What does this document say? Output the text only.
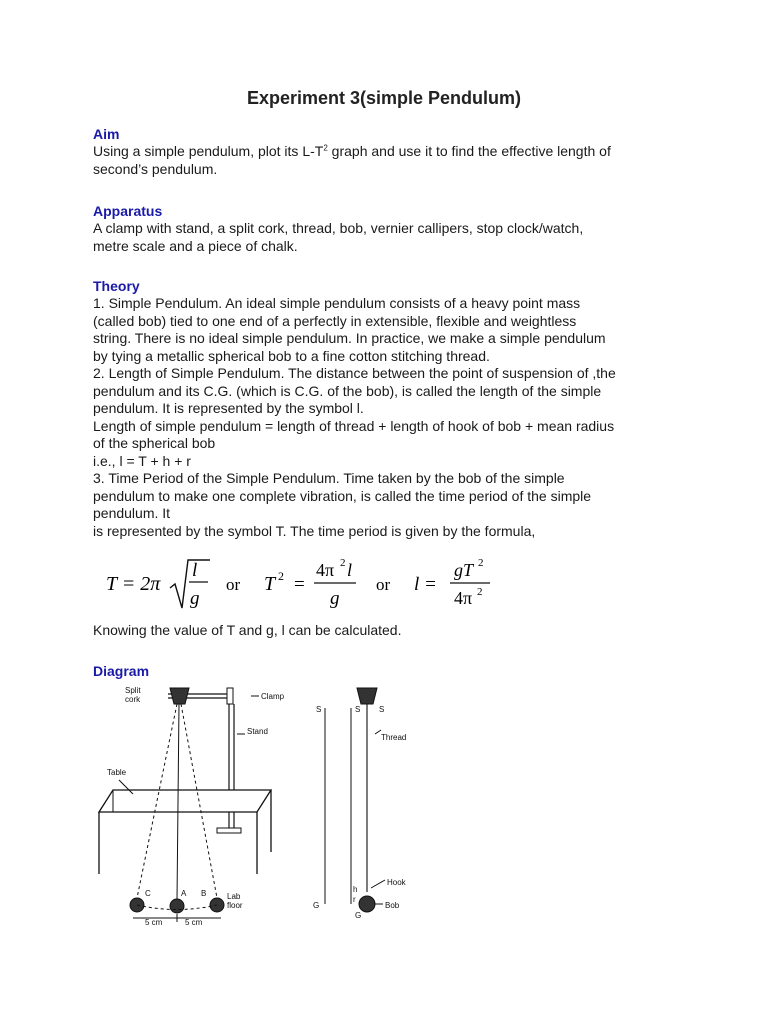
Experiment 3(simple Pendulum)
Aim
Using a simple pendulum, plot its $L-T^2$ graph and use it to find the effective length of
second’s pendulum.
Apparatus
A clamp with stand, a split cork, thread, bob, vernier callipers, stop clock/watch,
metre scale and a piece of chalk.
Theory
1. Simple Pendulum. An ideal simple pendulum consists of a heavy point mass
(called bob) tied to one end of a perfectly in extensible, flexible and weightless
string. There is no ideal simple pendulum. In practice, we make a simple pendulum
by tying a metallic spherical bob to a fine cotton stitching thread.
2. Length of Simple Pendulum. The distance between the point of suspension of ,the
pendulum and its C.G. (which is C.G. of the bob), is called the length of the simple
pendulum. It is represented by the symbol l.
Length of simple pendulum = length of thread + length of hook of bob + mean radius
of the spherical bob
i.e., l = T + h + r
3. Time Period of the Simple Pendulum. Time taken by the bob of the simple
pendulum to make one complete vibration, is called the time period of the simple
pendulum. It
is represented by the symbol T. The time period is given by the formula,
T = 2π
l
g
or T 2 =
4π 2 l
g
or l =
gT 2
4π 2
Knowing the value of T and g, l can be calculated.
Diagram
Split
cork	Clamp
Stand
Table
C	A B	Lab
floor
5 cm	5 cm
S	S S
Thread
Hook
h
r
G
G
Bob
